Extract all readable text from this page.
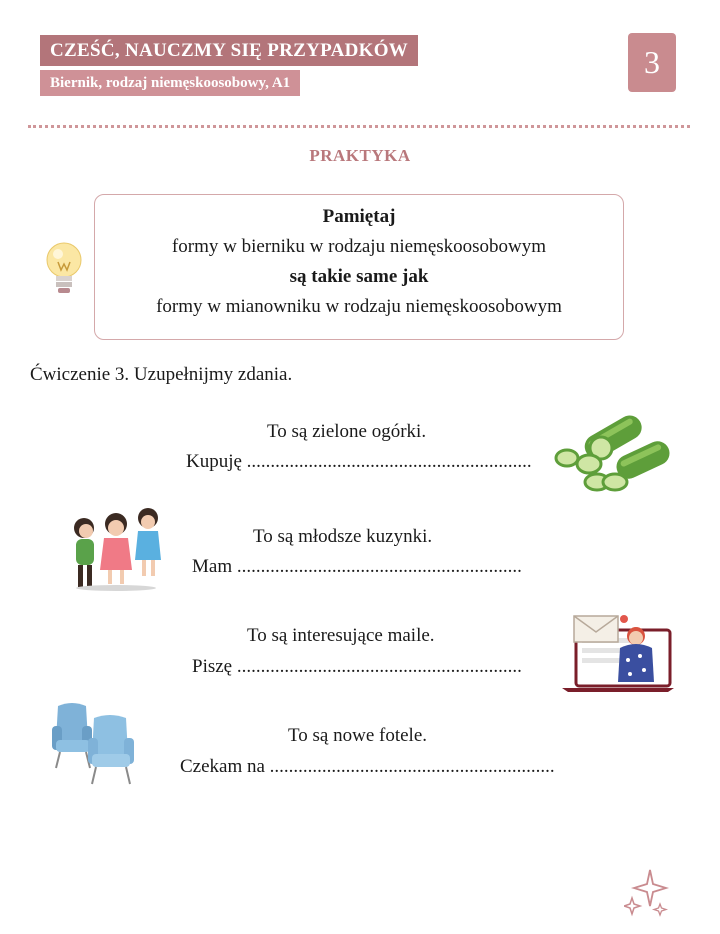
CZEŚĆ, NAUCZMY SIĘ PRZYPADKÓW
Biernik, rodzaj niemęskoosobowy, A1
3
PRAKTYKA
Pamiętaj
formy w bierniku w rodzaju niemęskoosobowym
są takie same jak
formy w mianowniku w rodzaju niemęskoosobowym
Ćwiczenie 3. Uzupełnijmy zdania.
To są zielone ogórki.
Kupuję ............................................................
To są młodsze kuzynki.
Mam ............................................................
To są interesujące maile.
Piszę ............................................................
To są nowe fotele.
Czekam na ............................................................
